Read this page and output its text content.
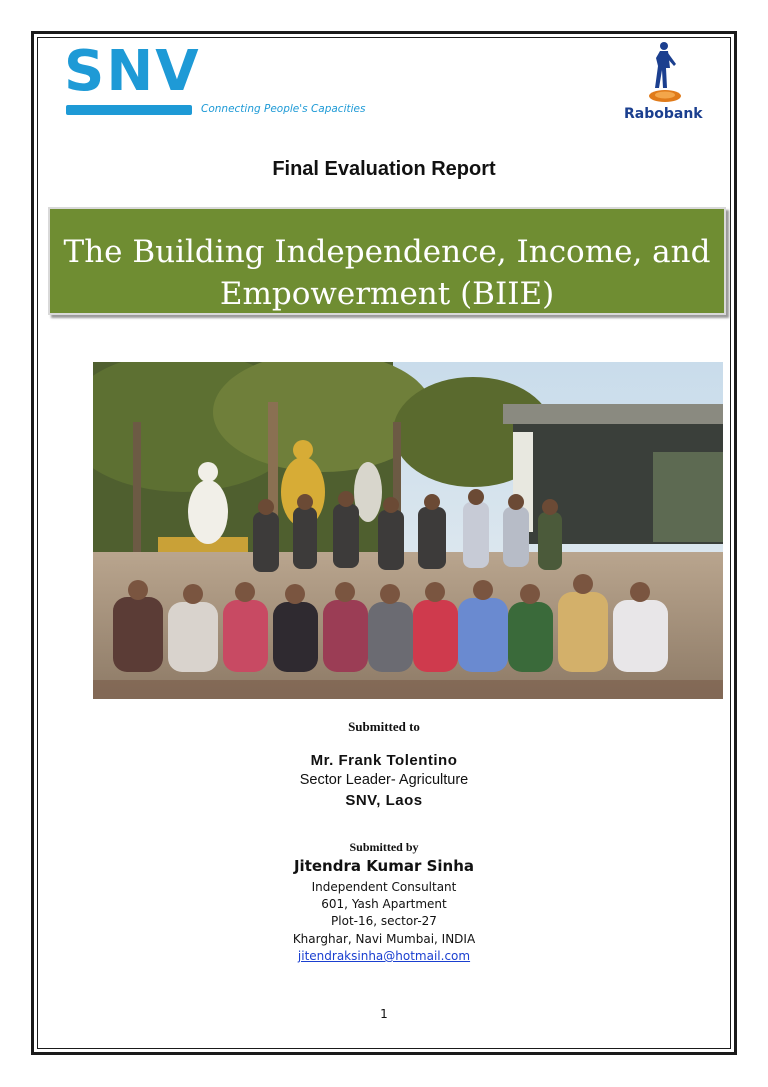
SNV
Connecting People's Capacities	Rabobank
Final Evaluation Report
The Building Independence, Income, and
Empowerment (BIIE)
Submitted to
Mr. Frank Tolentino
Sector Leader- Agriculture
SNV, Laos
Submitted by
Jitendra Kumar Sinha
Independent Consultant
601, Yash Apartment
Plot-16, sector-27
Kharghar, Navi Mumbai, INDIA
jitendraksinha@hotmail.com
1
